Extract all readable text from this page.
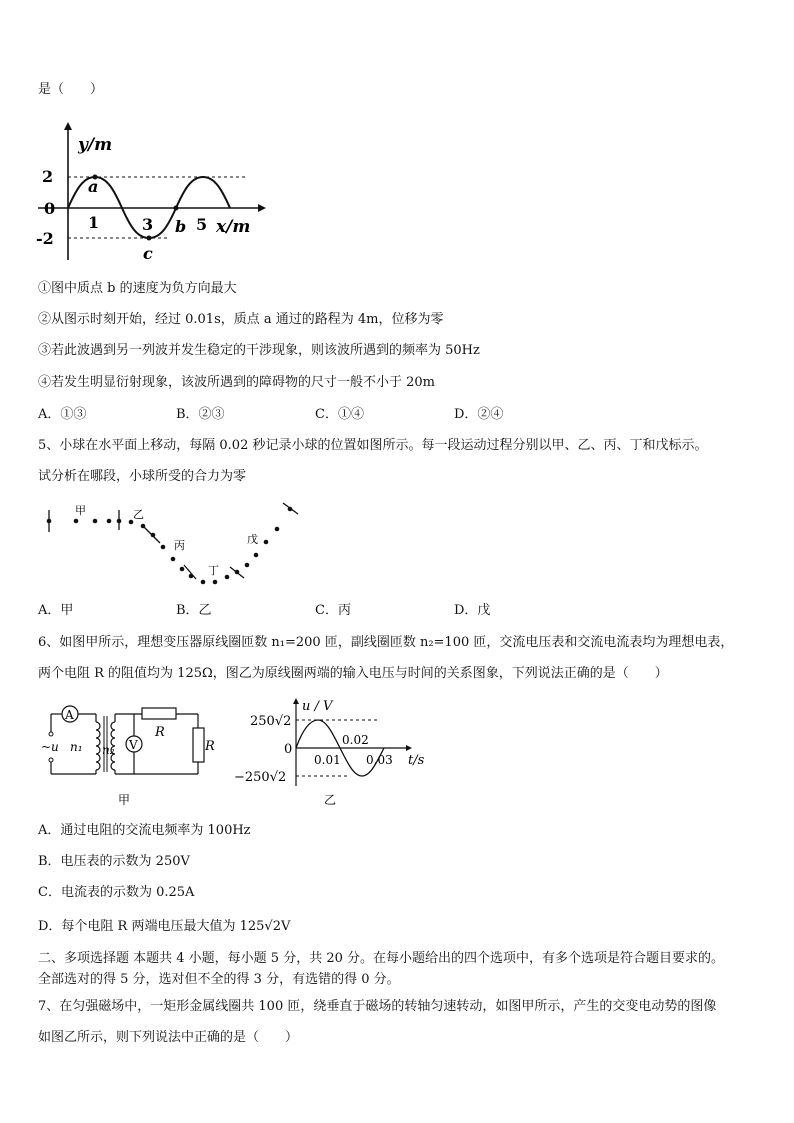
是（　　）
y/m
2
0
-2
1	3	5 x/m
a
b
c
①图中质点 b 的速度为负方向最大
②从图示时刻开始，经过 0.01s，质点 a 通过的路程为 4m，位移为零
③若此波遇到另一列波并发生稳定的干涉现象，则该波所遇到的频率为 50Hz
④若发生明显衍射现象，该波所遇到的障碍物的尺寸一般不小于 20m
A．①③	B．②③	C．①④	D．②④
5、小球在水平面上移动，每隔 0.02 秒记录小球的位置如图所示。每一段运动过程分别以甲、乙、丙、丁和戊标示。
试分析在哪段，小球所受的合力为零
甲	乙
丙
丁
戊
A．甲	B．乙	C．丙	D．戊
6、如图甲所示，理想变压器原线圈匝数 n₁=200 匝，副线圈匝数 n₂=100 匝，交流电压表和交流电流表均为理想电表，
两个电阻 R 的阻值均为 125Ω，图乙为原线圈两端的输入电压与时间的关系图象，下列说法正确的是（　　）
A
~u n₁ n₂ V
R
R
甲
u / V
t/s
250√2
0
−250√2
0.01
0.02
0.03
乙
A．通过电阻的交流电频率为 100Hz
B．电压表的示数为 250V
C．电流表的示数为 0.25A
D．每个电阻 R 两端电压最大值为 125√2V
二、多项选择题 本题共 4 小题，每小题 5 分，共 20 分。在每小题给出的四个选项中，有多个选项是符合题目要求的。
全部选对的得 5 分，选对但不全的得 3 分，有选错的得 0 分。
7、在匀强磁场中，一矩形金属线圈共 100 匝，绕垂直于磁场的转轴匀速转动，如图甲所示，产生的交变电动势的图像
如图乙所示，则下列说法中正确的是（　　）
